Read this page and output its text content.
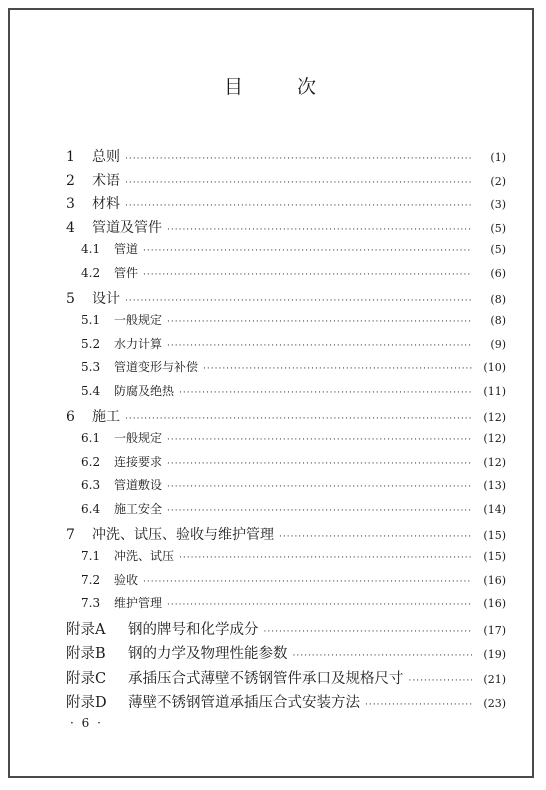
目	次
1	总则 ·····	(1)
2	术语 ·····	(2)
3	材料 ·····	(3)
4	管道及管件 ·····	(5)
4.1	管道 ·····	(5)
4.2	管件 ·····	(6)
5	设计 ·····	(8)
5.1	一般规定 ·····	(8)
5.2	水力计算 ·····	(9)
5.3	管道变形与补偿 ·····	(10)
5.4	防腐及绝热 ·····	(11)
6	施工 ·····	(12)
6.1	一般规定 ·····	(12)
6.2	连接要求 ·····	(12)
6.3	管道敷设 ·····	(13)
6.4	施工安全 ·····	(14)
7	冲洗、试压、验收与维护管理 ·····	(15)
7.1	冲洗、试压 ·····	(15)
7.2	验收 ·····	(16)
7.3	维护管理 ·····	(16)
附录A	钢的牌号和化学成分 ·····	(17)
附录B	钢的力学及物理性能参数 ·····	(19)
附录C	承插压合式薄壁不锈钢管件承口及规格尺寸 ·····	(21)
附录D	薄壁不锈钢管道承插压合式安装方法 ·····	(23)
· 6 ·
